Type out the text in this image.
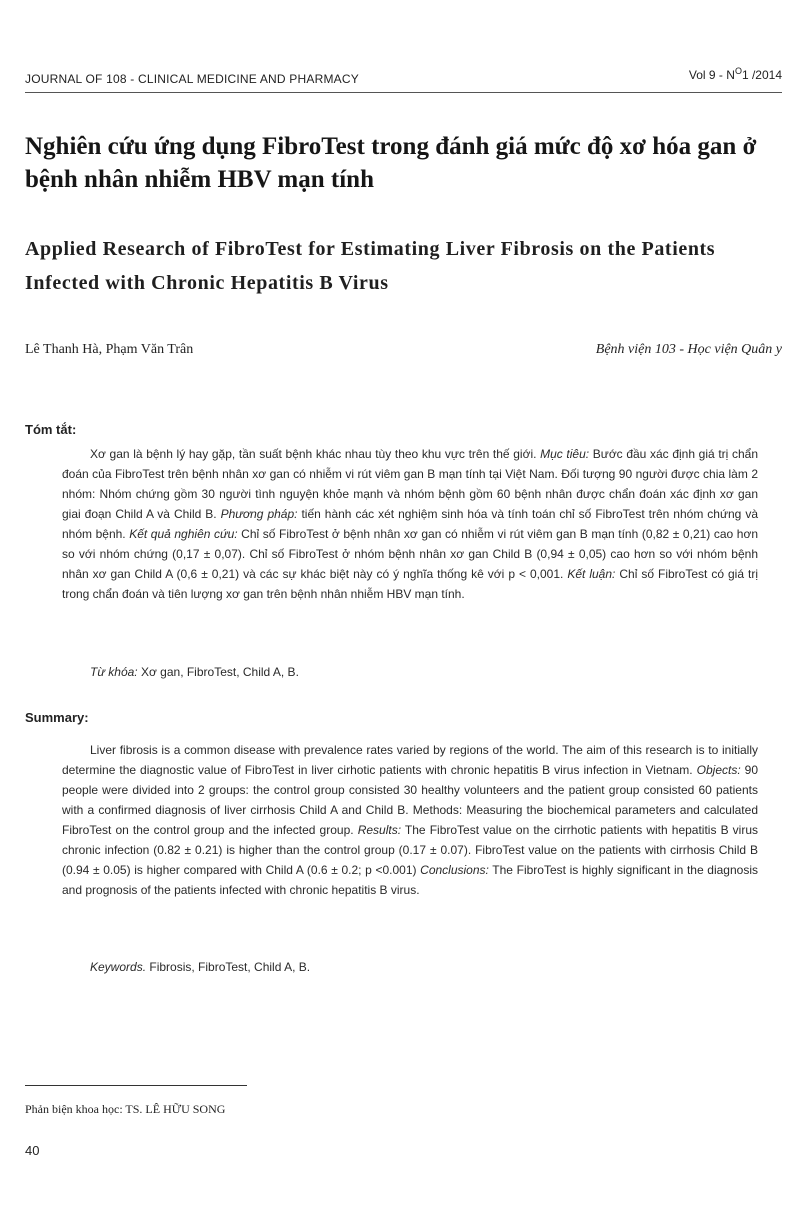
JOURNAL OF 108 - CLINICAL MEDICINE AND PHARMACY	Vol $9 - N^O1$ /2014
Nghiên cứu ứng dụng FibroTest trong đánh giá mức độ xơ hóa gan ở bệnh nhân nhiễm HBV mạn tính
Applied Research of FibroTest for Estimating Liver Fibrosis on the Patients Infected with Chronic Hepatitis B Virus
Lê Thanh Hà, Phạm Văn Trân	Bệnh viện 103 - Học viện Quân y
Tóm tắt:
Xơ gan là bệnh lý hay gặp, tần suất bệnh khác nhau tùy theo khu vực trên thế giới. Mục tiêu: Bước đầu xác định giá trị chẩn đoán của FibroTest trên bệnh nhân xơ gan có nhiễm vi rút viêm gan B mạn tính tại Việt Nam. Đối tượng 90 người được chia làm 2 nhóm: Nhóm chứng gồm 30 người tình nguyện khỏe mạnh và nhóm bệnh gồm 60 bệnh nhân được chẩn đoán xác định xơ gan giai đoạn Child A và Child B. Phương pháp: tiến hành các xét nghiệm sinh hóa và tính toán chỉ số FibroTest trên nhóm chứng và nhóm bệnh. Kết quả nghiên cứu: Chỉ số FibroTest ở bệnh nhân xơ gan có nhiễm vi rút viêm gan B mạn tính (0,82 ± 0,21) cao hơn so với nhóm chứng (0,17 ± 0,07). Chỉ số FibroTest ở nhóm bệnh nhân xơ gan Child B (0,94 ± 0,05) cao hơn so với nhóm bệnh nhân xơ gan Child A (0,6 ± 0,21) và các sự khác biệt này có ý nghĩa thống kê với p < 0,001. Kết luận: Chỉ số FibroTest có giá trị trong chẩn đoán và tiên lượng xơ gan trên bệnh nhân nhiễm HBV mạn tính.
Từ khóa: Xơ gan, FibroTest, Child A, B.
Summary:
Liver fibrosis is a common disease with prevalence rates varied by regions of the world. The aim of this research is to initially determine the diagnostic value of FibroTest in liver cirhotic patients with chronic hepatitis B virus infection in Vietnam. Objects: 90 people were divided into 2 groups: the control group consisted 30 healthy volunteers and the patient group consisted 60 patients with a confirmed diagnosis of liver cirrhosis Child A and Child B. Methods: Measuring the biochemical parameters and calculated FibroTest on the control group and the infected group. Results: The FibroTest value on the cirrhotic patients with hepatitis B virus chronic infection (0.82 ± 0.21) is higher than the control group (0.17 ± 0.07). FibroTest value on the patients with cirrhosis Child B (0.94 ± 0.05) is higher compared with Child A (0.6 ± 0.2; p <0.001) Conclusions: The FibroTest is highly significant in the diagnosis and prognosis of the patients infected with chronic hepatitis B virus.
Keywords. Fibrosis, FibroTest, Child A, B.
Phản biện khoa học: TS. LÊ HỮU SONG
40
